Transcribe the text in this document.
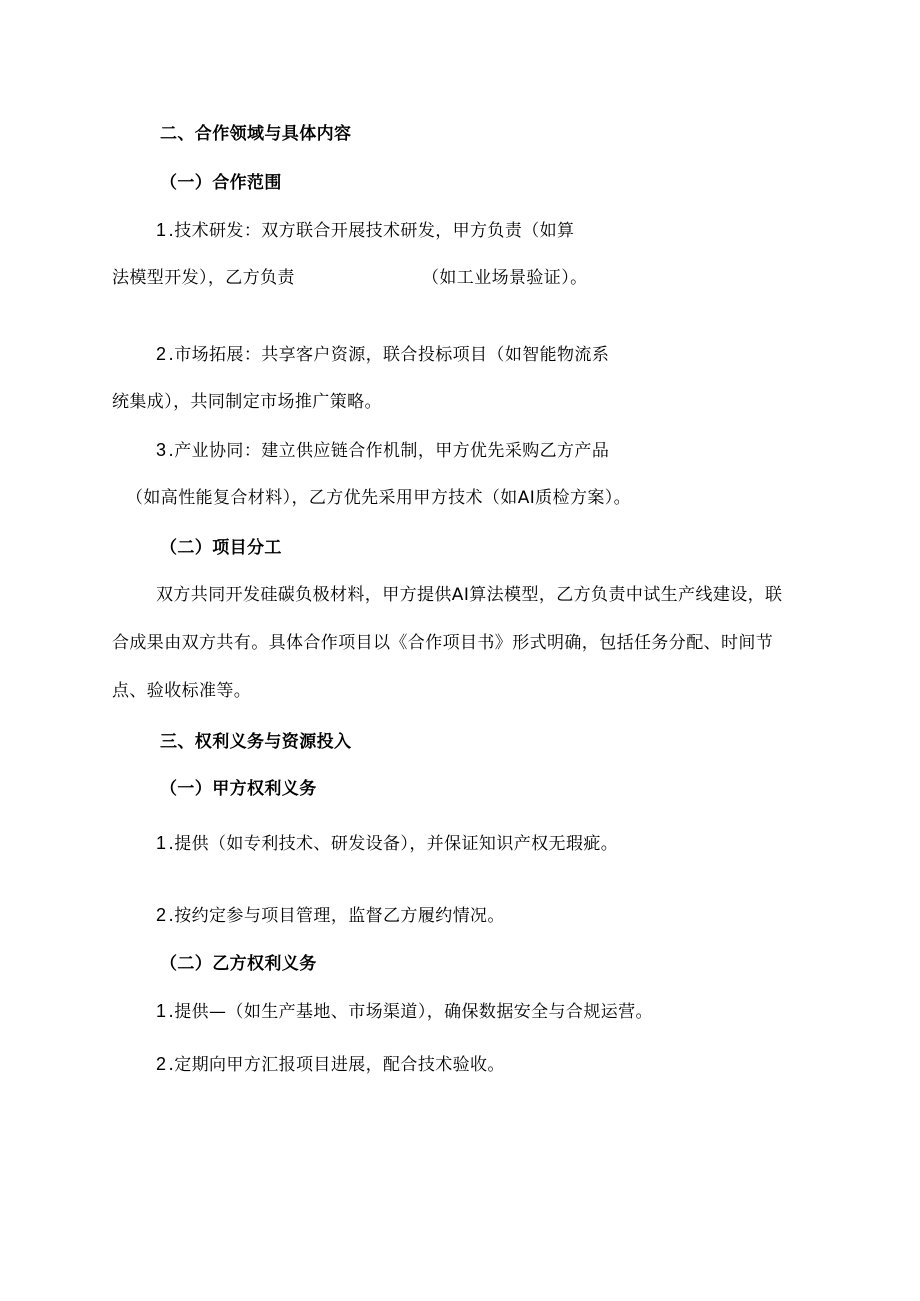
二、合作领域与具体内容
（一）合作范围
1 .技术研发：双方联合开展技术研发，甲方负责（如算
法模型开发），乙方负责	（如工业场景验证）。
2 .市场拓展：共享客户资源，联合投标项目（如智能物流系
统集成），共同制定市场推广策略。
3 .产业协同：建立供应链合作机制，甲方优先采购乙方产品
（如高性能复合材料），乙方优先采用甲方技术（如AI质检方案）。
（二）项目分工
双方共同开发硅碳负极材料，甲方提供AI算法模型，乙方负责中试生产线建设，联
合成果由双方共有。具体合作项目以《合作项目书》形式明确，包括任务分配、时间节
点、验收标准等。
三、权利义务与资源投入
（一）甲方权利义务
1 .提供（如专利技术、研发设备），并保证知识产权无瑕疵。
2 .按约定参与项目管理，监督乙方履约情况。
（二）乙方权利义务
1 .提供—（如生产基地、市场渠道），确保数据安全与合规运营。
2 .定期向甲方汇报项目进展，配合技术验收。
